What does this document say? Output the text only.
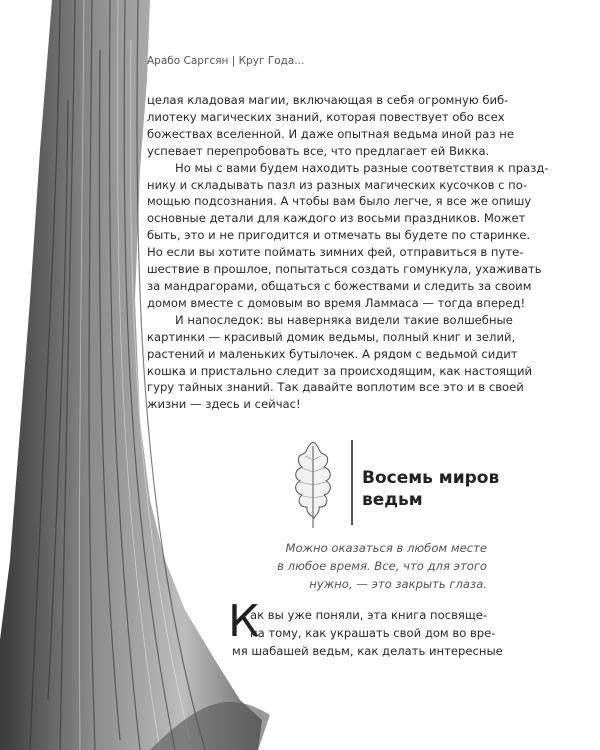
Арабо Саргсян | Круг Года...
целая кладовая магии, включающая в себя огромную биб-
лиотеку магических знаний, которая повествует обо всех
божествах вселенной. И даже опытная ведьма иной раз не
успевает перепробовать все, что предлагает ей Викка.
Но мы с вами будем находить разные соответствия к празд-
нику и складывать пазл из разных магических кусочков с по-
мощью подсознания. А чтобы вам было легче, я все же опишу
основные детали для каждого из восьми праздников. Может
быть, это и не пригодится и отмечать вы будете по старинке.
Но если вы хотите поймать зимних фей, отправиться в путе-
шествие в прошлое, попытаться создать гомункула, ухаживать
за мандрагорами, общаться с божествами и следить за своим
домом вместе с домовым во время Ламмаса — тогда вперед!
И напоследок: вы наверняка видели такие волшебные
картинки — красивый домик ведьмы, полный книг и зелий,
растений и маленьких бутылочек. А рядом с ведьмой сидит
кошка и пристально следит за происходящим, как настоящий
гуру тайных знаний. Так давайте воплотим все это и в своей
жизни — здесь и сейчас!
Восемь миров
ведьм
Можно оказаться в любом месте
в любое время. Все, что для этого
нужно, — это закрыть глаза.
К
ак вы уже поняли, эта книга посвяще-
на тому, как украшать свой дом во вре-
мя шабашей ведьм, как делать интересные
